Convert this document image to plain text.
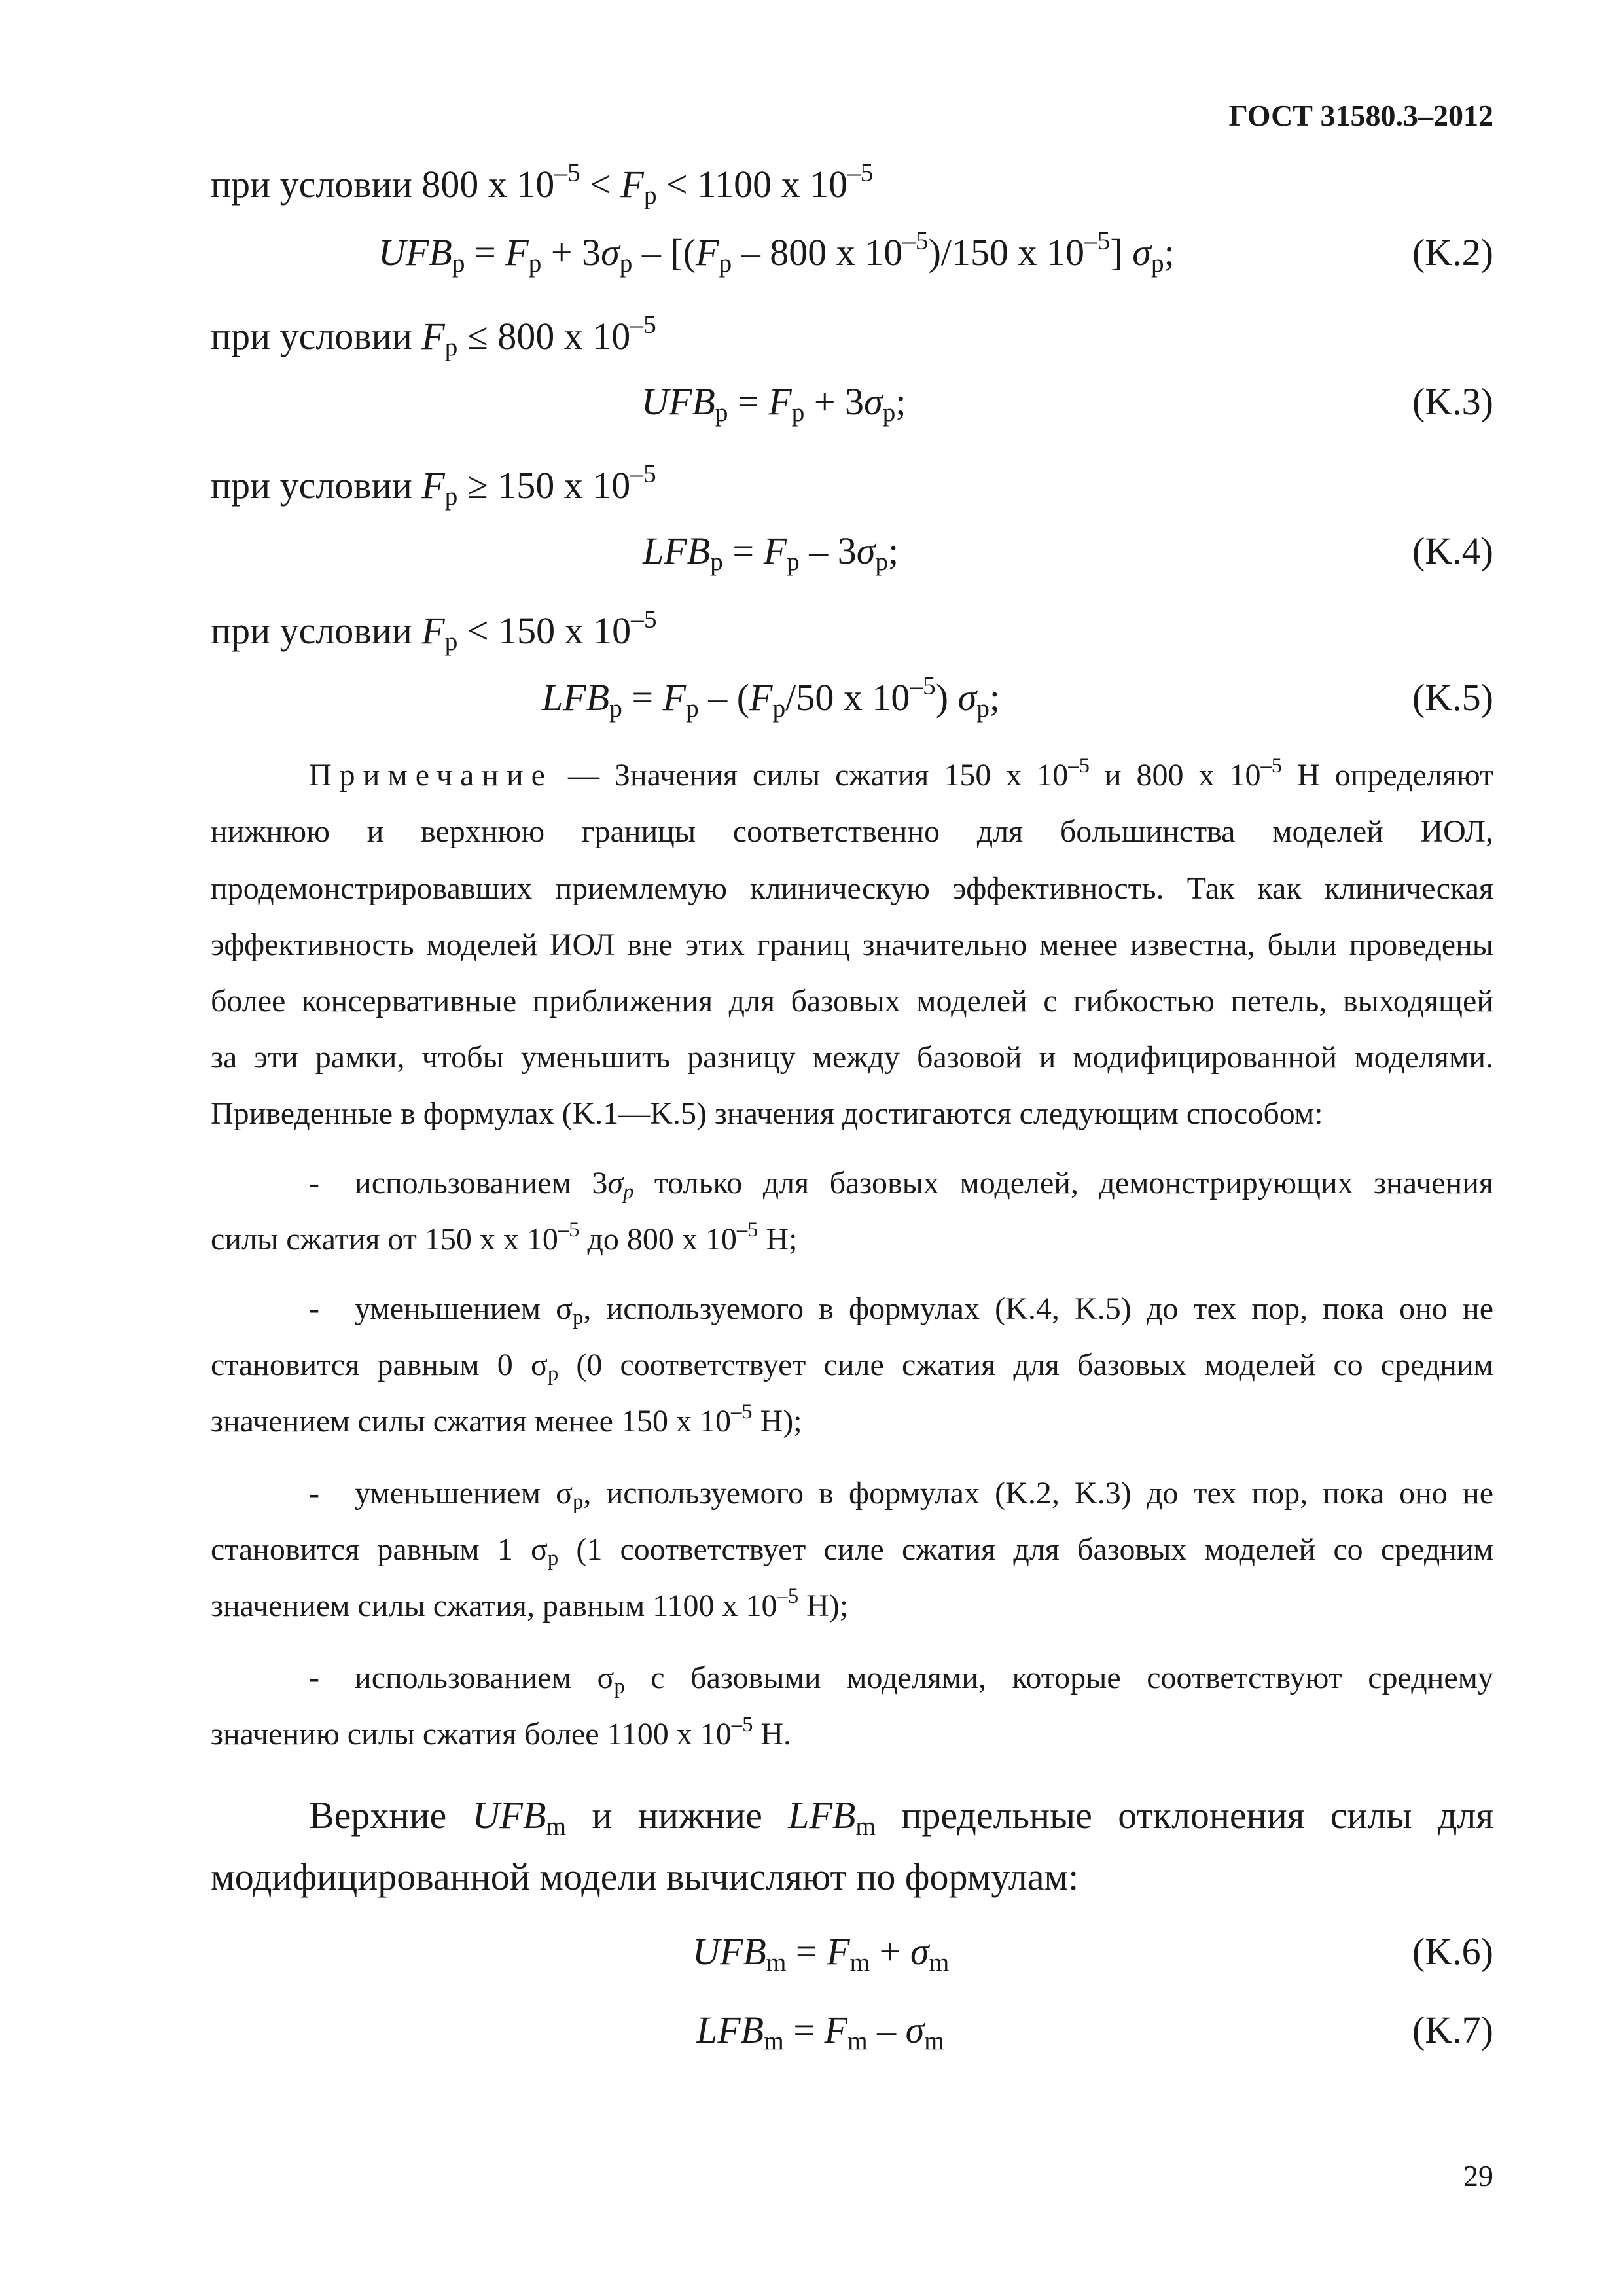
ГОСТ 31580.3–2012
при условии 800 х $10^{-5} < F_p < 1100$ х $10^{-5}$
$UFB_p = F_p + 3\sigma_p - [(F_p - 800$ х $10^{-5})/150$ х $10^{-5}$] $\sigma_p$;	(K.2)
при условии $F_p \le 800$ х $10^{-5}$
$UFB_p = F_p + 3\sigma_p$;	(K.3)
при условии $F_p \ge 150$ х $10^{-5}$
$LFB_p = F_p - 3\sigma_p$;	(K.4)
при условии $F_p < 150$ х $10^{-5}$
$LFB_p = F_p - (F_p/50$ х $10^{-5}$) $\sigma_p$;	(K.5)
Примечание — Значения силы сжатия 150 х $10^{-5}$ и 800 х $10^{-5}$ Н определяют
нижнюю и верхнюю границы соответственно для большинства моделей ИОЛ,
продемонстрировавших приемлемую клиническую эффективность. Так как клиническая
эффективность моделей ИОЛ вне этих границ значительно менее известна, были проведены
более консервативные приближения для базовых моделей с гибкостью петель, выходящей
за эти рамки, чтобы уменьшить разницу между базовой и модифицированной моделями.
Приведенные в формулах (K.1—K.5) значения достигаются следующим способом:
- использованием $3\sigma_p$ только для базовых моделей, демонстрирующих значения
силы сжатия от 150 х х $10^{-5}$ до 800 х $10^{-5}$ Н;
- уменьшением $\sigma_p$, используемого в формулах (K.4, K.5) до тех пор, пока оно не
становится равным 0 $\sigma_p$ (0 соответствует силе сжатия для базовых моделей со средним
значением силы сжатия менее 150 х $10^{-5}$ Н);
- уменьшением $\sigma_p$, используемого в формулах (K.2, K.3) до тех пор, пока оно не
становится равным 1 $\sigma_p$ (1 соответствует силе сжатия для базовых моделей со средним
значением силы сжатия, равным 1100 х $10^{-5}$ Н);
- использованием $\sigma_p$ с базовыми моделями, которые соответствуют среднему
значению силы сжатия более 1100 х $10^{-5}$ Н.
Верхние $UFB_m$ и нижние $LFB_m$ предельные отклонения силы для
модифицированной модели вычисляют по формулам:
$UFB_m = F_m + \sigma_m$	(K.6)
$LFB_m = F_m - \sigma_m$	(K.7)
29
